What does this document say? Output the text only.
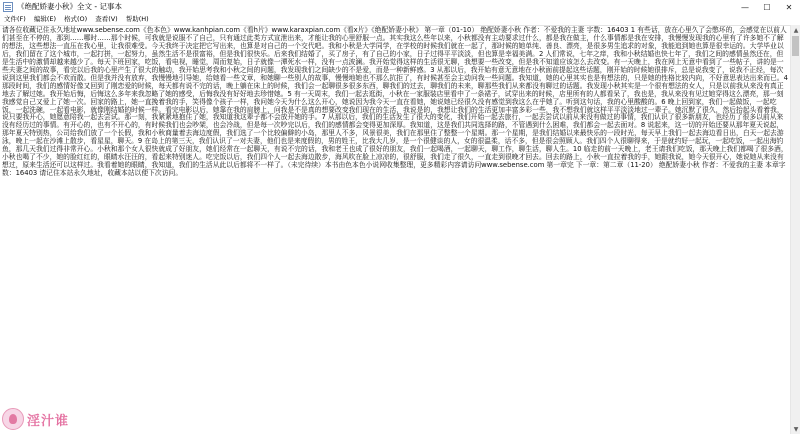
《绝配娇妻小秋》全文 - 记事本	—	☐	✕
文件(F)	编辑(E)	格式(O)	查看(V)	帮助(H)

请各位收藏记住永久地址www.sebense.com《色本色》www.kanhpian.com《看h片》www.karaxpian.com《看x片》《绝配娇妻小秋》 第一章（01-10） 绝配娇妻小秋 作者：不爱我的主妻 字数：16403 1 有些话，放在心里久了会憋坏的，会感觉在以前人们甚至在不停的，那到……哪时……那个时候，可我就是说服不了自己，只有通过此类方式宣泄出来，才能让我的心里舒服一点。其实我这么些年以来，小秋都没有主动要求过什么，都是我在做主，什么事情都是我在安排，我慢慢发现我的心里有了许多她不了解的想法，这些想法一直压在我心里，让我很难受。今天我终于决定把它写出来，也算是对自己的一个交代吧。我和小秋是大学同学，在学校的时候我们就在一起了，那时候的她单纯、善良、漂亮，是很多男生追求的对象，我能追到她也算是很幸运的。大学毕业以后，我们留在了这个城市，一起打拼，一起努力，虽然生活不是很富裕，但是我们很快乐。后来我们结婚了，买了房子，有了自己的小家，日子过得平平淡淡，但也算是幸福美满。2 人们常说，七年之痒，我和小秋结婚也快七年了，我们之间的感情虽然还在，但是生活中的激情却越来越少了。每天下班回家，吃饭，看电视，睡觉，周而复始，日子就像一潭死水一样，没有一点波澜。我开始觉得这样的生活很无聊，我想要一些改变，但是我不知道应该怎么去改变。有一天晚上，我在网上无意中看到了一些帖子，讲的是一些夫妻之间的故事，看完以后我的心里产生了很大的触动，我开始思考我和小秋之间的问题，我发现我们之间缺少的不是爱，而是一种新鲜感。3 从那以后，我开始有意无意地在小秋面前提起这些话题，刚开始的时候她很排斥，总是说我变了，说我不正经，每次说到这里我们都会不欢而散。但是我并没有放弃，我慢慢地引导她，给她看一些文章，和她聊一些别人的故事，慢慢地她也不那么抗拒了，有时候甚至会主动问我一些问题。我知道，她的心里其实也是有想法的，只是她的性格比较内向，不好意思表达出来而已。4 那段时间，我们的感情好像又回到了刚恋爱的时候，每天都有说不完的话，晚上躺在床上的时候，我们会一起聊很多很多东西，聊我们的过去，聊我们的未来，聊那些我们从来都没有聊过的话题。我发现小秋其实是一个很有想法的女人，只是以前我从来没有真正地去了解过她。我开始后悔，后悔这么多年来我忽略了她的感受，后悔我没有好好地去珍惜她。5 有一天周末，我们一起去逛街，小秋在一家服装店里看中了一条裙子，试穿出来的时候，店里所有的人都看呆了，我也是，我从来没有见过她穿得这么漂亮，那一刻我感觉自己又爱上了她一次。回家的路上，她一直挽着我的手，笑得像个孩子一样，我问她今天为什么这么开心，她说因为我今天一直在看她，她说她已经很久没有感觉到我这么在乎她了。听到这句话，我的心里酸酸的。6 晚上回到家，我们一起做饭，一起吃饭，一起洗碗，一起看电影，就像刚结婚的时候一样。看完电影以后，她靠在我的肩膀上，问我是不是真的想要改变我们现在的生活，我说是的，我想让我们的生活更加丰富多彩一些，我不想我们就这样平平淡淡地过一辈子。她沉默了很久，然后抬起头看着我，说只要我开心，她愿意陪我一起去尝试。那一刻，我紧紧地抱住了她，我知道我这辈子都不会放开她的手。7 从那以后，我们的生活发生了很大的变化，我们开始一起去旅行，一起去尝试以前从来没有做过的事情，我们认识了很多新朋友，也经历了很多以前从来没有经历过的事情。有开心的，也有不开心的，有时候我们也会吵架，也会冷战，但是每一次吵完以后，我们的感情都会变得更加深厚。我知道，这是我们共同选择的路，不管遇到什么困难，我们都会一起去面对。8 说起来，这一切的开始还要从那年夏天说起，那年夏天特别热，公司给我们放了一个长假，我和小秋商量着去海边度假，我们选了一个比较偏僻的小岛，那里人不多，风景很美，我们在那里住了整整一个星期。那一个星期，是我们结婚以来最快乐的一段时光，每天早上我们一起去海边看日出，白天一起去游泳，晚上一起在沙滩上散步，看星星，聊天。9 在岛上的第三天，我们认识了一对夫妻，他们也是来度假的，男的姓王，比我大几岁，是一个很健谈的人，女的很温柔，话不多，但是很会照顾人。我们四个人很聊得来，于是就约好一起玩，一起吃饭，一起出海钓鱼，那几天我们过得非常开心。小秋和那个女人很快就成了好朋友，她们经常在一起聊天，有说不完的话，我和老王也成了很好的朋友，我们一起喝酒，一起聊天，聊工作，聊生活，聊人生。10 临走的前一天晚上，老王请我们吃饭，那天晚上我们都喝了很多酒，小秋也喝了不少，她的脸红红的，眼睛水汪汪的，看起来特别迷人。吃完饭以后，我们四个人一起去海边散步，海风吹在脸上凉凉的，很舒服，我们走了很久，一直走到很晚才回去。回去的路上，小秋一直拉着我的手，她跟我说，她今天很开心，她说她从来没有想过，原来生活还可以这样过。我看着她的眼睛，我知道，我们的生活从此以后都将不一样了。（未完待续）本书由色本色小说网收集整理，更多精彩内容请访问www.sebense.com 第一章完 下一章：第二章（11-20） 绝配娇妻小秋 作者：不爱我的主妻 本章字数：16403 请记住本站永久地址，收藏本站以便下次访问。

▲
▼
淫汁谁
